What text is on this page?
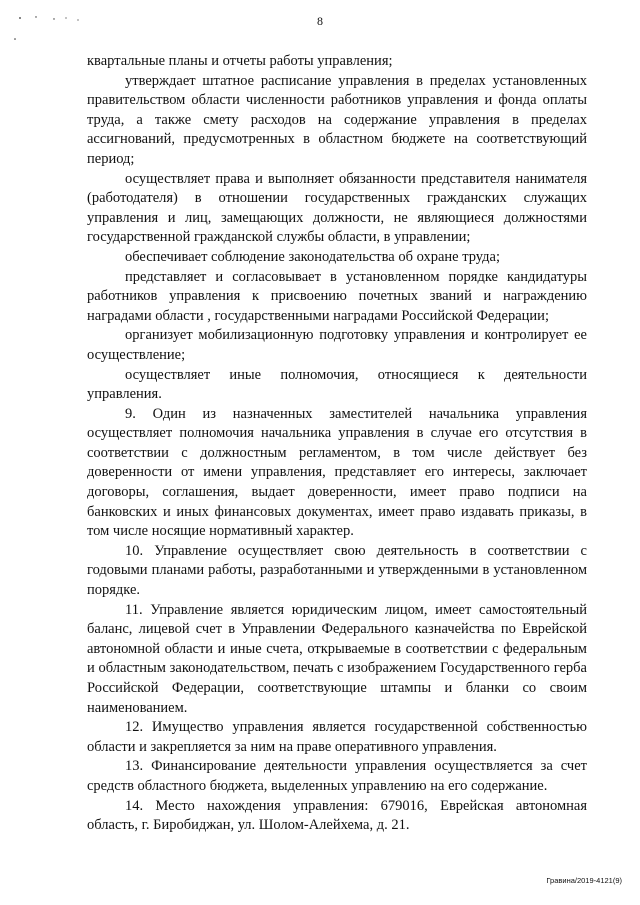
8

квартальные планы и отчеты работы управления;

утверждает штатное расписание управления в пределах установленных правительством области численности работников управления и фонда оплаты труда, а также смету расходов на содержание управления в пределах ассигнований, предусмотренных в областном бюджете на соответствующий период;

осуществляет права и выполняет обязанности представителя нанимателя (работодателя) в отношении государственных гражданских служащих управления и лиц, замещающих должности, не являющиеся должностями государственной гражданской службы области, в управлении;

обеспечивает соблюдение законодательства об охране труда;

представляет и согласовывает в установленном порядке кандидатуры работников управления к присвоению почетных званий и награждению наградами области , государственными наградами Российской Федерации;

организует мобилизационную подготовку управления и контролирует ее осуществление;

осуществляет иные полномочия, относящиеся к деятельности управления.

9. Один из назначенных заместителей начальника управления осуществляет полномочия начальника управления в случае его отсутствия в соответствии с должностным регламентом, в том числе действует без доверенности от имени управления, представляет его интересы, заключает договоры, соглашения, выдает доверенности, имеет право подписи на банковских и иных финансовых документах, имеет право издавать приказы, в том числе носящие нормативный характер.

10. Управление осуществляет свою деятельность в соответствии с годовыми планами работы, разработанными и утвержденными в установленном порядке.

11. Управление является юридическим лицом, имеет самостоятельный баланс, лицевой счет в Управлении Федерального казначейства по Еврейской автономной области и иные счета, открываемые в соответствии с федеральным и областным законодательством, печать с изображением Государственного герба Российской Федерации, соответствующие штампы и бланки со своим наименованием.

12. Имущество управления является государственной собственностью области и закрепляется за ним на праве оперативного управления.

13. Финансирование деятельности управления осуществляется за счет средств областного бюджета, выделенных управлению на его содержание.

14. Место нахождения управления: 679016, Еврейская автономная область, г. Биробиджан, ул. Шолом-Алейхема, д. 21.

Гравина/2019-4121(9)
